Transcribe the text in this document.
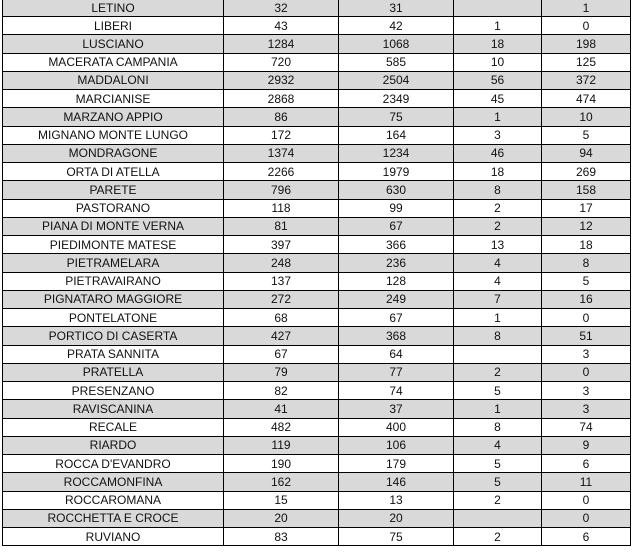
LETINO	32	31		1
LIBERI	43	42	1	0
LUSCIANO	1284	1068	18	198
MACERATA CAMPANIA	720	585	10	125
MADDALONI	2932	2504	56	372
MARCIANISE	2868	2349	45	474
MARZANO APPIO	86	75	1	10
MIGNANO MONTE LUNGO	172	164	3	5
MONDRAGONE	1374	1234	46	94
ORTA DI ATELLA	2266	1979	18	269
PARETE	796	630	8	158
PASTORANO	118	99	2	17
PIANA DI MONTE VERNA	81	67	2	12
PIEDIMONTE MATESE	397	366	13	18
PIETRAMELARA	248	236	4	8
PIETRAVAIRANO	137	128	4	5
PIGNATARO MAGGIORE	272	249	7	16
PONTELATONE	68	67	1	0
PORTICO DI CASERTA	427	368	8	51
PRATA SANNITA	67	64		3
PRATELLA	79	77	2	0
PRESENZANO	82	74	5	3
RAVISCANINA	41	37	1	3
RECALE	482	400	8	74
RIARDO	119	106	4	9
ROCCA D'EVANDRO	190	179	5	6
ROCCAMONFINA	162	146	5	11
ROCCAROMANA	15	13	2	0
ROCCHETTA E CROCE	20	20		0
RUVIANO	83	75	2	6
